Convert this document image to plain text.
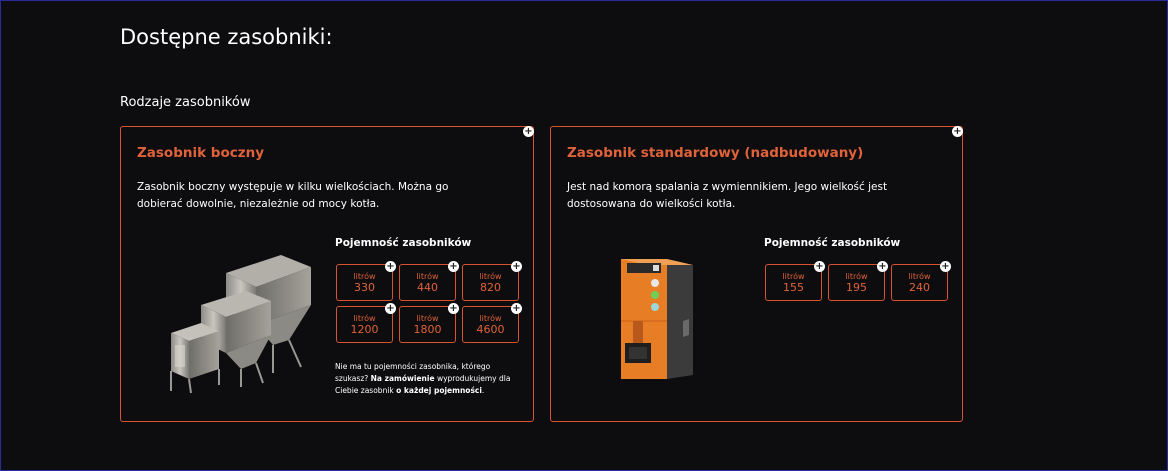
Dostępne zasobniki:
Rodzaje zasobników
+
Zasobnik boczny
Zasobnik boczny występuje w kilku wielkościach. Można go dobierać dowolnie, niezależnie od mocy kotła.
Pojemność zasobników
litrów
330
+
litrów
440
+
litrów
820
+
litrów
1200
+
litrów
1800
+
litrów
4600
+
Nie ma tu pojemności zasobnika, którego szukasz? Na zamówienie wyprodukujemy dla Ciebie zasobnik o każdej pojemności.
+
Zasobnik standardowy (nadbudowany)
Jest nad komorą spalania z wymiennikiem. Jego wielkość jest dostosowana do wielkości kotła.
Pojemność zasobników
litrów
155
+
litrów
195
+
litrów
240
+
